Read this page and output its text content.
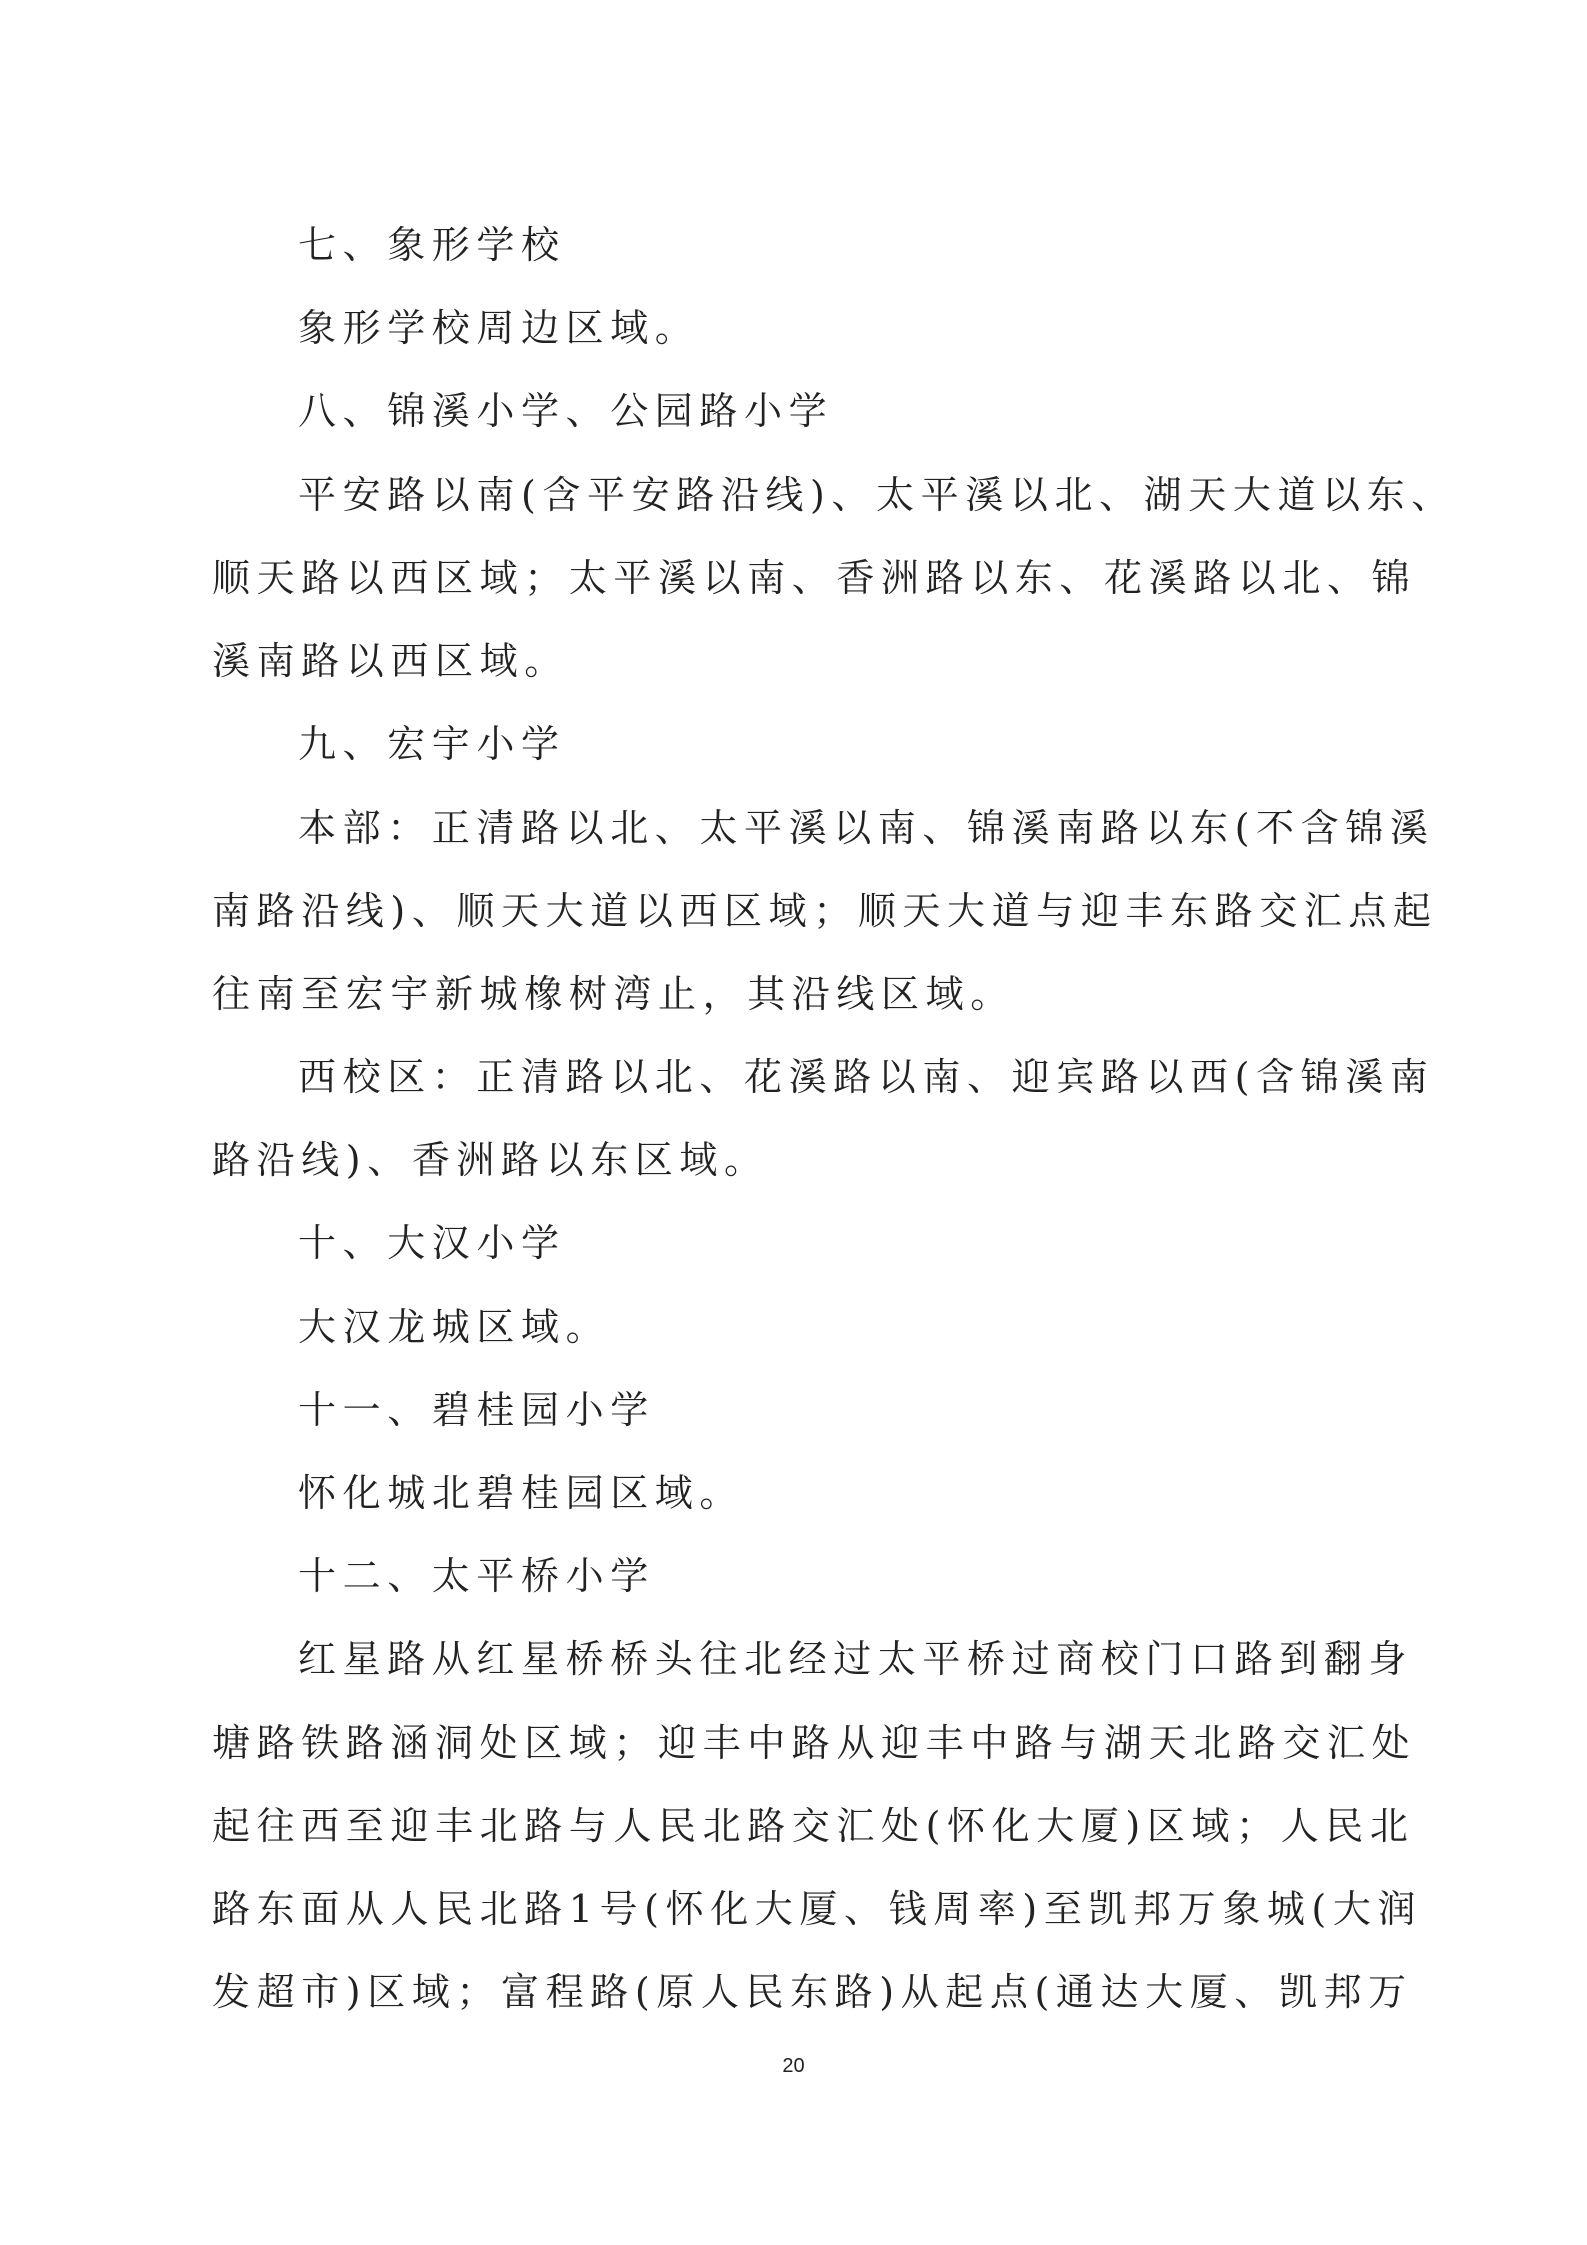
七、象形学校
象形学校周边区域。
八、锦溪小学、公园路小学
平安路以南(含平安路沿线)、太平溪以北、湖天大道以东、
顺天路以西区域；太平溪以南、香洲路以东、花溪路以北、锦
溪南路以西区域。
九、宏宇小学
本部：正清路以北、太平溪以南、锦溪南路以东(不含锦溪
南路沿线)、顺天大道以西区域；顺天大道与迎丰东路交汇点起
往南至宏宇新城橡树湾止，其沿线区域。
西校区：正清路以北、花溪路以南、迎宾路以西(含锦溪南
路沿线)、香洲路以东区域。
十、大汉小学
大汉龙城区域。
十一、碧桂园小学
怀化城北碧桂园区域。
十二、太平桥小学
红星路从红星桥桥头往北经过太平桥过商校门口路到翻身
塘路铁路涵洞处区域；迎丰中路从迎丰中路与湖天北路交汇处
起往西至迎丰北路与人民北路交汇处(怀化大厦)区域；人民北
路东面从人民北路1号(怀化大厦、钱周率)至凯邦万象城(大润
发超市)区域；富程路(原人民东路)从起点(通达大厦、凯邦万
20
